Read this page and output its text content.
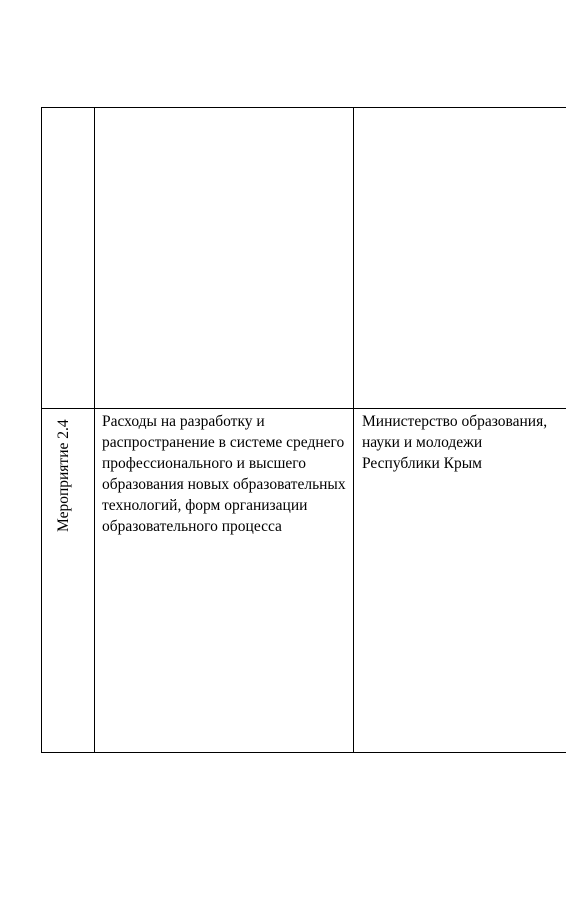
Мероприятие 2.4 Расходы на разработку и распространение в системе среднего профессионального и высшего образования новых образовательных технологий, форм организации образовательного процесса

Министерство образования, науки и молодежи Республики Крым
